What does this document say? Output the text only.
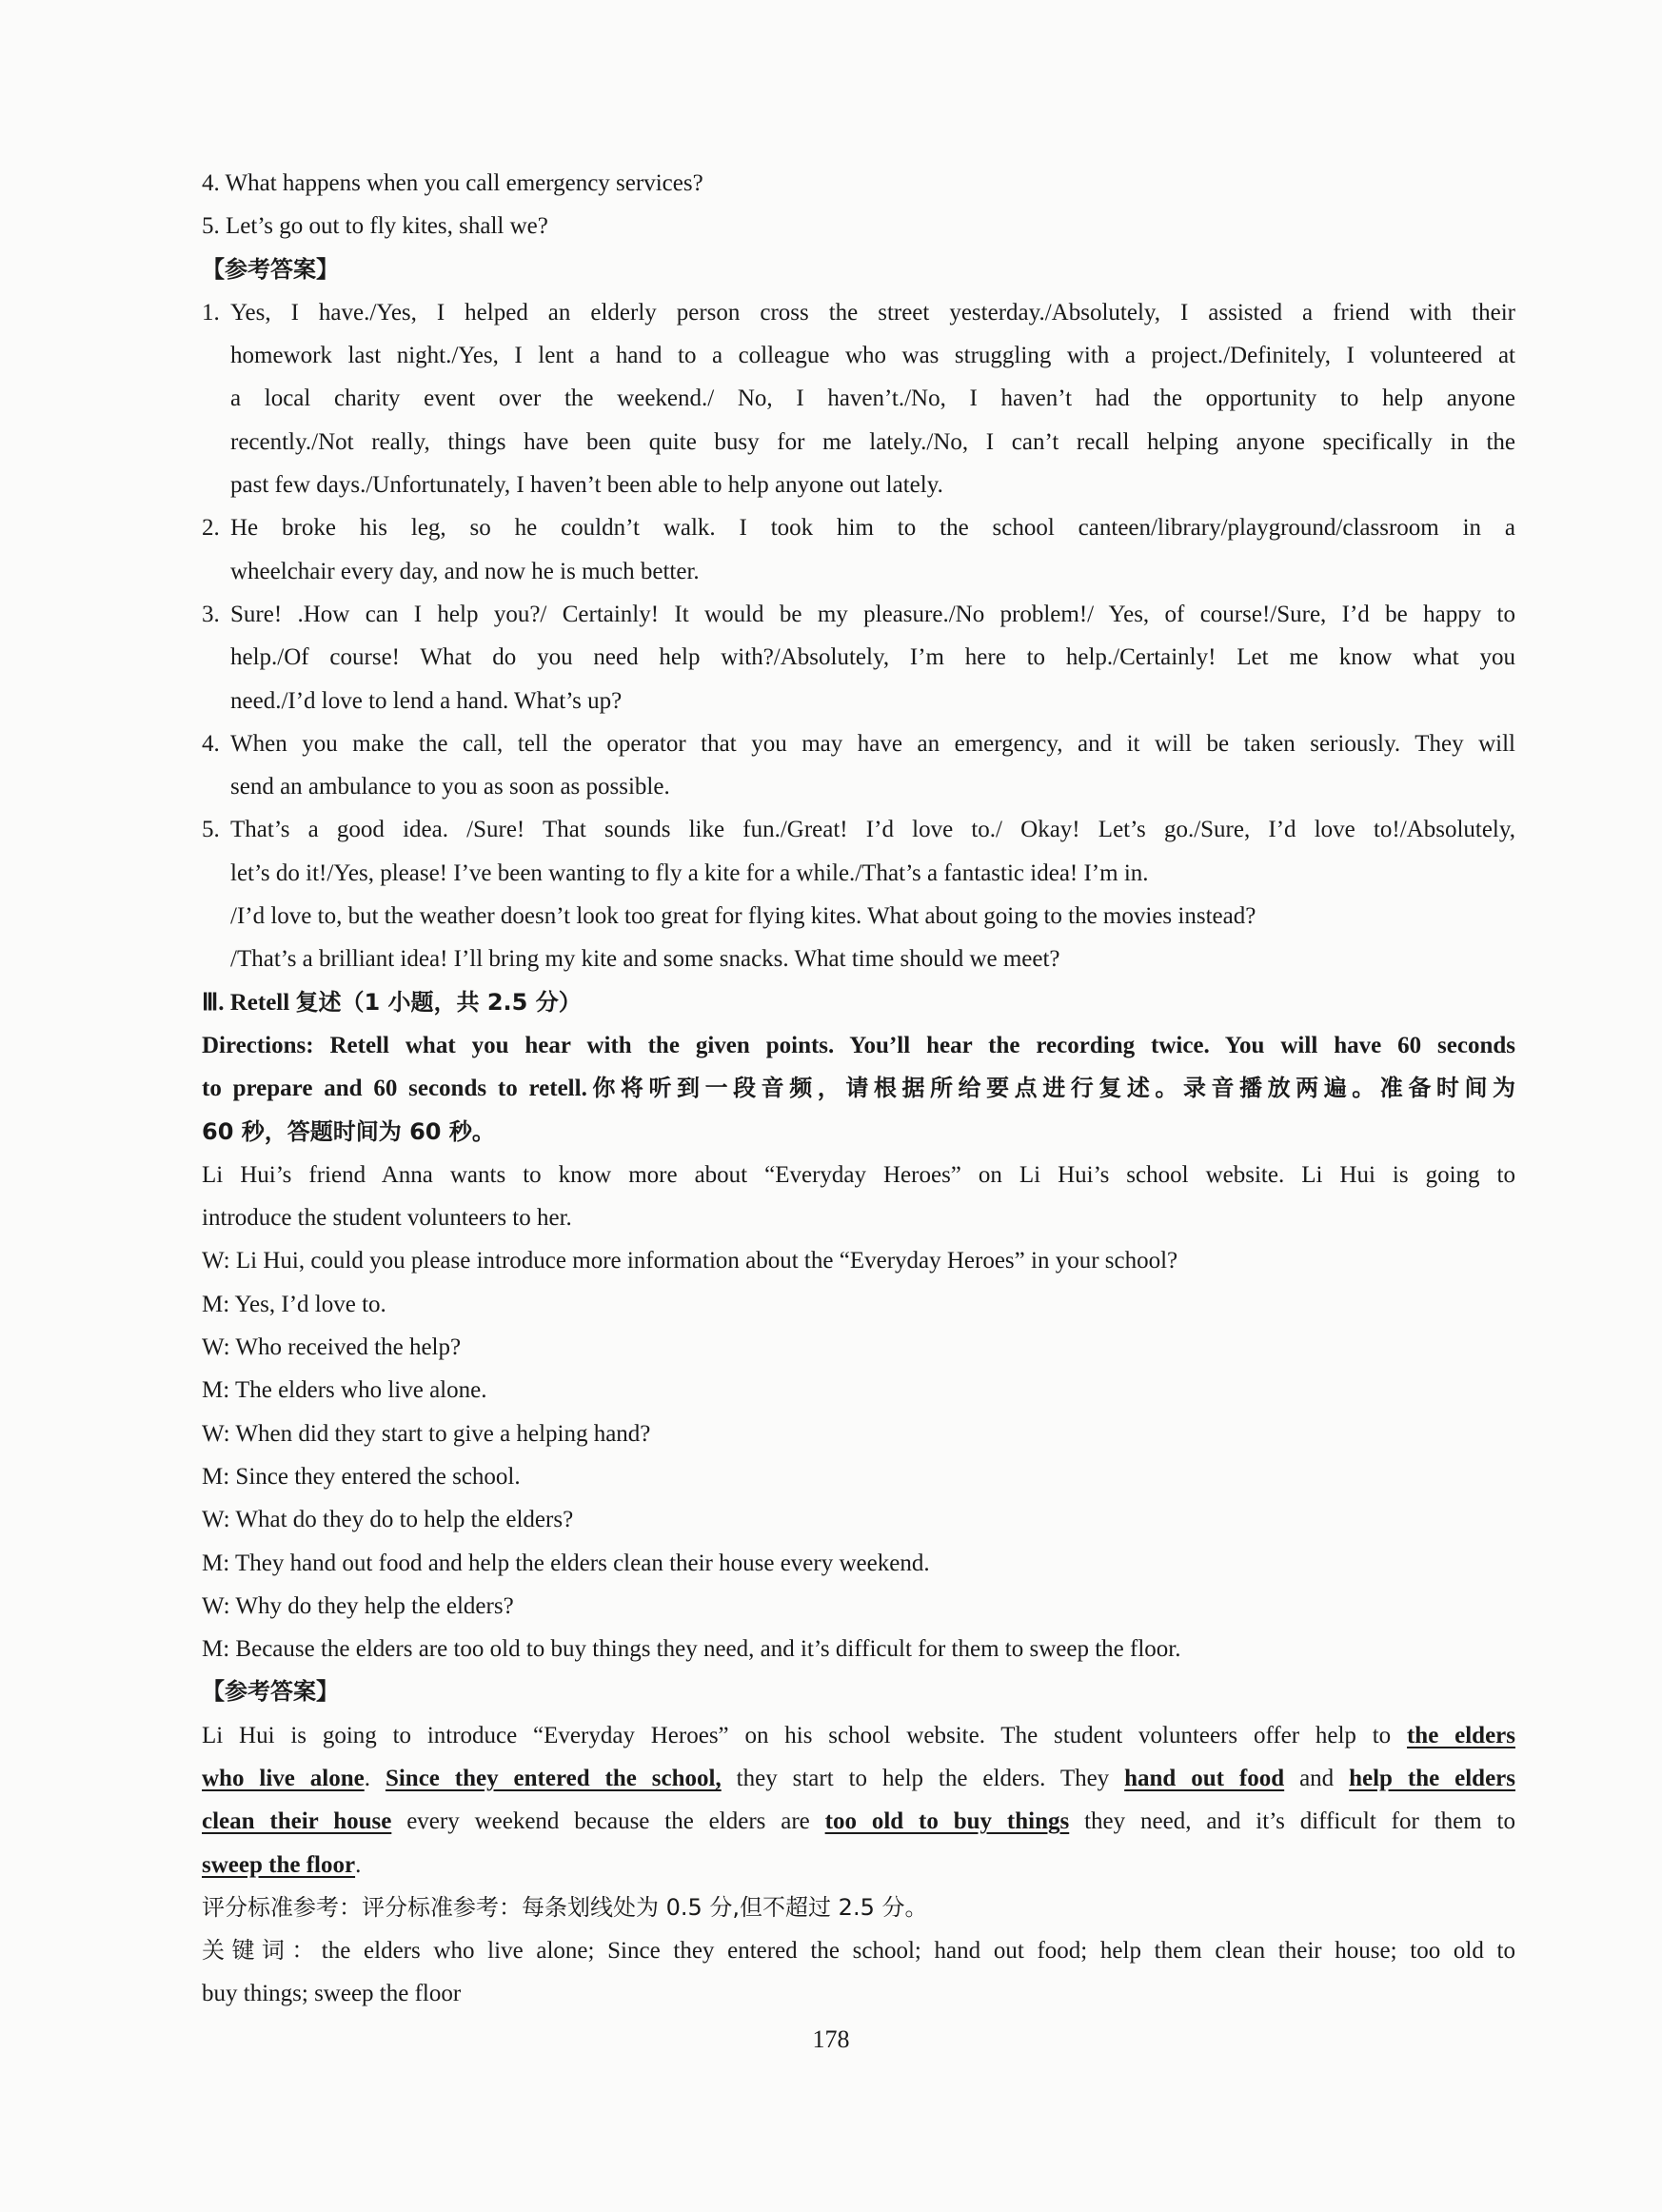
4. What happens when you call emergency services?
5. Let’s go out to fly kites, shall we?
【参考答案】
1. Yes, I have./Yes, I helped an elderly person cross the street yesterday./Absolutely, I assisted a friend with their
homework last night./Yes, I lent a hand to a colleague who was struggling with a project./Definitely, I volunteered at
a local charity event over the weekend./ No, I haven’t./No, I haven’t had the opportunity to help anyone
recently./Not really, things have been quite busy for me lately./No, I can’t recall helping anyone specifically in the
past few days./Unfortunately, I haven’t been able to help anyone out lately.
2. He broke his leg, so he couldn’t walk. I took him to the school canteen/library/playground/classroom in a
wheelchair every day, and now he is much better.
3. Sure! .How can I help you?/ Certainly! It would be my pleasure./No problem!/ Yes, of course!/Sure, I’d be happy to
help./Of course! What do you need help with?/Absolutely, I’m here to help./Certainly! Let me know what you
need./I’d love to lend a hand. What’s up?
4. When you make the call, tell the operator that you may have an emergency, and it will be taken seriously. They will
send an ambulance to you as soon as possible.
5. That’s a good idea. /Sure! That sounds like fun./Great! I’d love to./ Okay! Let’s go./Sure, I’d love to!/Absolutely,
let’s do it!/Yes, please! I’ve been wanting to fly a kite for a while./That’s a fantastic idea! I’m in.
/I’d love to, but the weather doesn’t look too great for flying kites. What about going to the movies instead?
/That’s a brilliant idea! I’ll bring my kite and some snacks. What time should we meet?
Ⅲ. Retell 复述（1 小题，共 2.5 分）
Directions: Retell what you hear with the given points. You’ll hear the recording twice. You will have 60 seconds
to prepare and 60 seconds to retell.你将听到一段音频，请根据所给要点进行复述。录音播放两遍。准备时间为
60 秒，答题时间为 60 秒。
Li Hui’s friend Anna wants to know more about “Everyday Heroes” on Li Hui’s school website. Li Hui is going to
introduce the student volunteers to her.
W: Li Hui, could you please introduce more information about the “Everyday Heroes” in your school?
M: Yes, I’d love to.
W: Who received the help?
M: The elders who live alone.
W: When did they start to give a helping hand?
M: Since they entered the school.
W: What do they do to help the elders?
M: They hand out food and help the elders clean their house every weekend.
W: Why do they help the elders?
M: Because the elders are too old to buy things they need, and it’s difficult for them to sweep the floor.
【参考答案】
Li Hui is going to introduce “Everyday Heroes” on his school website. The student volunteers offer help to the elders
who live alone. Since they entered the school, they start to help the elders. They hand out food and help the elders
clean their house every weekend because the elders are too old to buy things they need, and it’s difficult for them to
sweep the floor.
评分标准参考：评分标准参考：每条划线处为 0.5 分,但不超过 2.5 分。
关键词：the elders who live alone; Since they entered the school; hand out food; help them clean their house; too old to
buy things; sweep the floor
178
